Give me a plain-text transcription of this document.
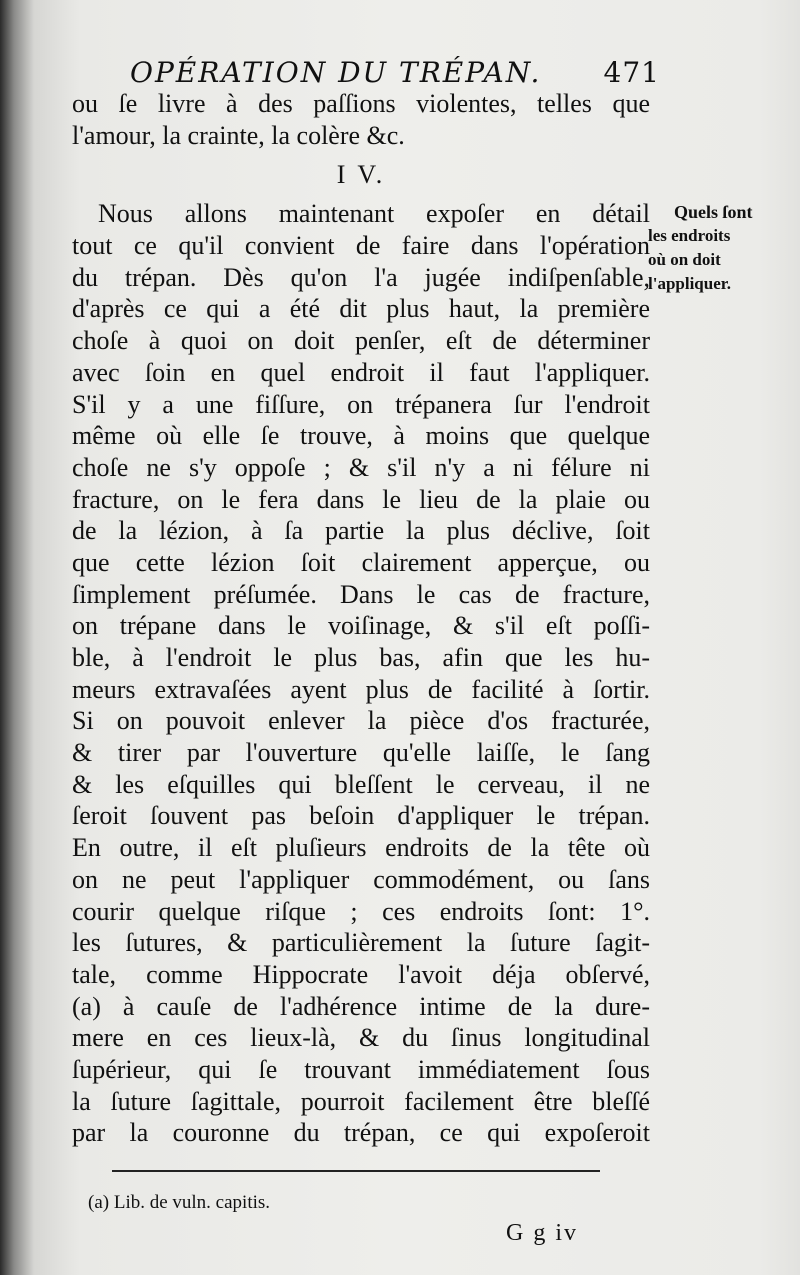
OPÉRATION DU TRÉPAN. 471
ou ſe livre à des paſſions violentes, telles que
l'amour, la crainte, la colère &c.
I V.
Nous allons maintenant expoſer en détail
tout ce qu'il convient de faire dans l'opération
du trépan. Dès qu'on l'a jugée indiſpenſable,
d'après ce qui a été dit plus haut, la première
choſe à quoi on doit penſer, eſt de déterminer
avec ſoin en quel endroit il faut l'appliquer.
S'il y a une fiſſure, on trépanera ſur l'endroit
même où elle ſe trouve, à moins que quelque
choſe ne s'y oppoſe ; & s'il n'y a ni félure ni
fracture, on le fera dans le lieu de la plaie ou
de la lézion, à ſa partie la plus déclive, ſoit
que cette lézion ſoit clairement apperçue, ou
ſimplement préſumée. Dans le cas de fracture,
on trépane dans le voiſinage, & s'il eſt poſſi-
ble, à l'endroit le plus bas, afin que les hu-
meurs extravaſées ayent plus de facilité à ſortir.
Si on pouvoit enlever la pièce d'os fracturée,
& tirer par l'ouverture qu'elle laiſſe, le ſang
& les eſquilles qui bleſſent le cerveau, il ne
ſeroit ſouvent pas beſoin d'appliquer le trépan.
En outre, il eſt pluſieurs endroits de la tête où
on ne peut l'appliquer commodément, ou ſans
courir quelque riſque ; ces endroits ſont: 1°.
les ſutures, & particulièrement la ſuture ſagit-
tale, comme Hippocrate l'avoit déja obſervé,
(a) à cauſe de l'adhérence intime de la dure-
mere en ces lieux-là, & du ſinus longitudinal
ſupérieur, qui ſe trouvant immédiatement ſous
la ſuture ſagittale, pourroit facilement être bleſſé
par la couronne du trépan, ce qui expoſeroit
Quels ſont
les endroits
où on doit
l'appliquer.
(a) Lib. de vuln. capitis.
G g iv
